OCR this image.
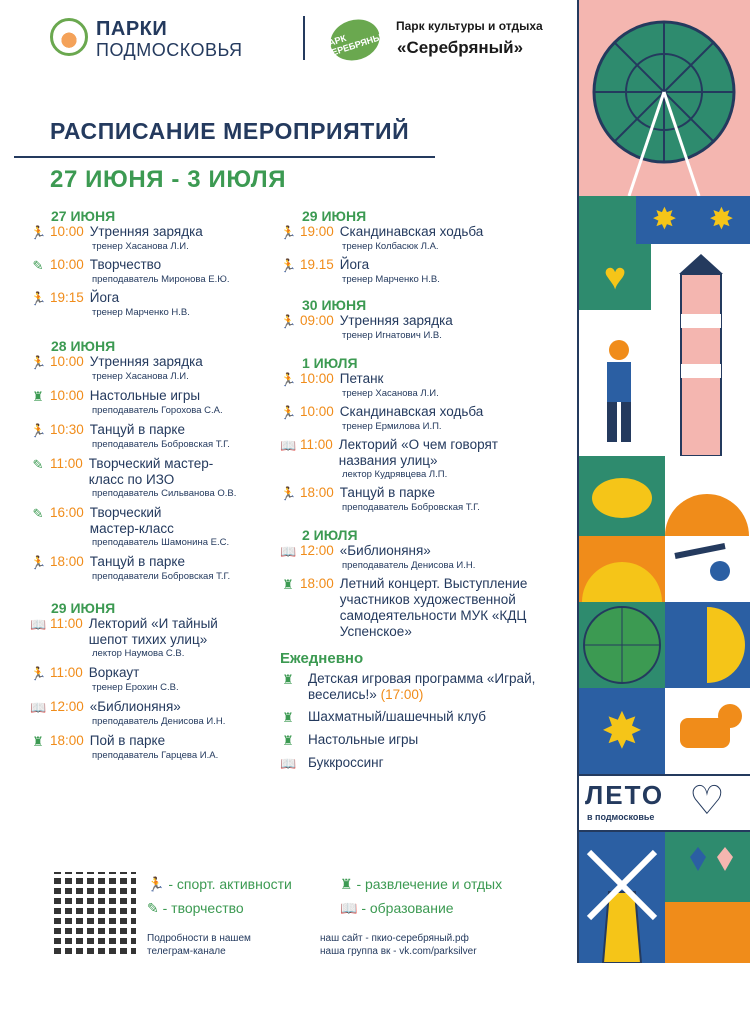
ПАРКИ
ПОДМОСКОВЬЯ	ПАРК СЕРЕБРЯНЫЙ
Парк культуры и отдыха
«Серебряный»
РАСПИСАНИЕ МЕРОПРИЯТИЙ
27 ИЮНЯ - 3 ИЮЛЯ
27 ИЮНЯ
🏃 10:00 Утренняя зарядка
тренер Хасанова Л.И.
✎ 10:00 Творчество
преподаватель Миронова Е.Ю.
🏃 19:15 Йога
тренер Марченко Н.В.
28 ИЮНЯ
🏃 10:00 Утренняя зарядка
тренер Хасанова Л.И.
♜ 10:00 Настольные игры
преподаватель Горохова С.А.
🏃 10:30 Танцуй в парке
преподаватель Бобровская Т.Г.
✎ 11:00 Творческий мастер-класс по ИЗО
преподаватель Сильванова О.В.
✎ 16:00 Творческий мастер-класс
преподаватель Шамонина Е.С.
🏃 18:00 Танцуй в парке
преподаватели Бобровская Т.Г.
29 ИЮНЯ
📖 11:00 Лекторий «И тайный шепот тихих улиц»
лектор Наумова С.В.
🏃 11:00 Воркаут
тренер Ерохин С.В.
📖 12:00 «Библионяня»
преподаватель Денисова И.Н.
♜ 18:00 Пой в парке
преподаватель Гарцева И.А.
29 ИЮНЯ
🏃 19:00 Скандинавская ходьба
тренер Колбасюк Л.А.
🏃 19.15 Йога
тренер Марченко Н.В.
30 ИЮНЯ
🏃 09:00 Утренняя зарядка
тренер Игнатович И.В.
1 ИЮЛЯ
🏃 10:00 Петанк
тренер Хасанова Л.И.
🏃 10:00 Скандинавская ходьба
тренер Ермилова И.П.
📖 11:00 Лекторий «О чем говорят названия улиц»
лектор Кудрявцева Л.П.
🏃 18:00 Танцуй в парке
преподаватель Бобровская Т.Г.
2 ИЮЛЯ
📖 12:00 «Библионяня»
преподаватель Денисова И.Н.
♜ 18:00 Летний концерт. Выступление участников художественной самодеятельности МУК «КДЦ Успенское»
Ежедневно
♜ Детская игровая программа «Играй, веселись!» (17:00)
♜ Шахматный/шашечный клуб
♜ Настольные игры
📖 Буккроссинг
🏃 - спорт. активности	♜ - развлечение и отдых
✎ - творчество	📖 - образование
Подробности в нашем
телеграм-канале
наш сайт - пкио-серебряный.рф
наша группа вк - vk.com/parksilver
✸	✸
♥
✸
ЛЕТО
в подмосковье ♡
